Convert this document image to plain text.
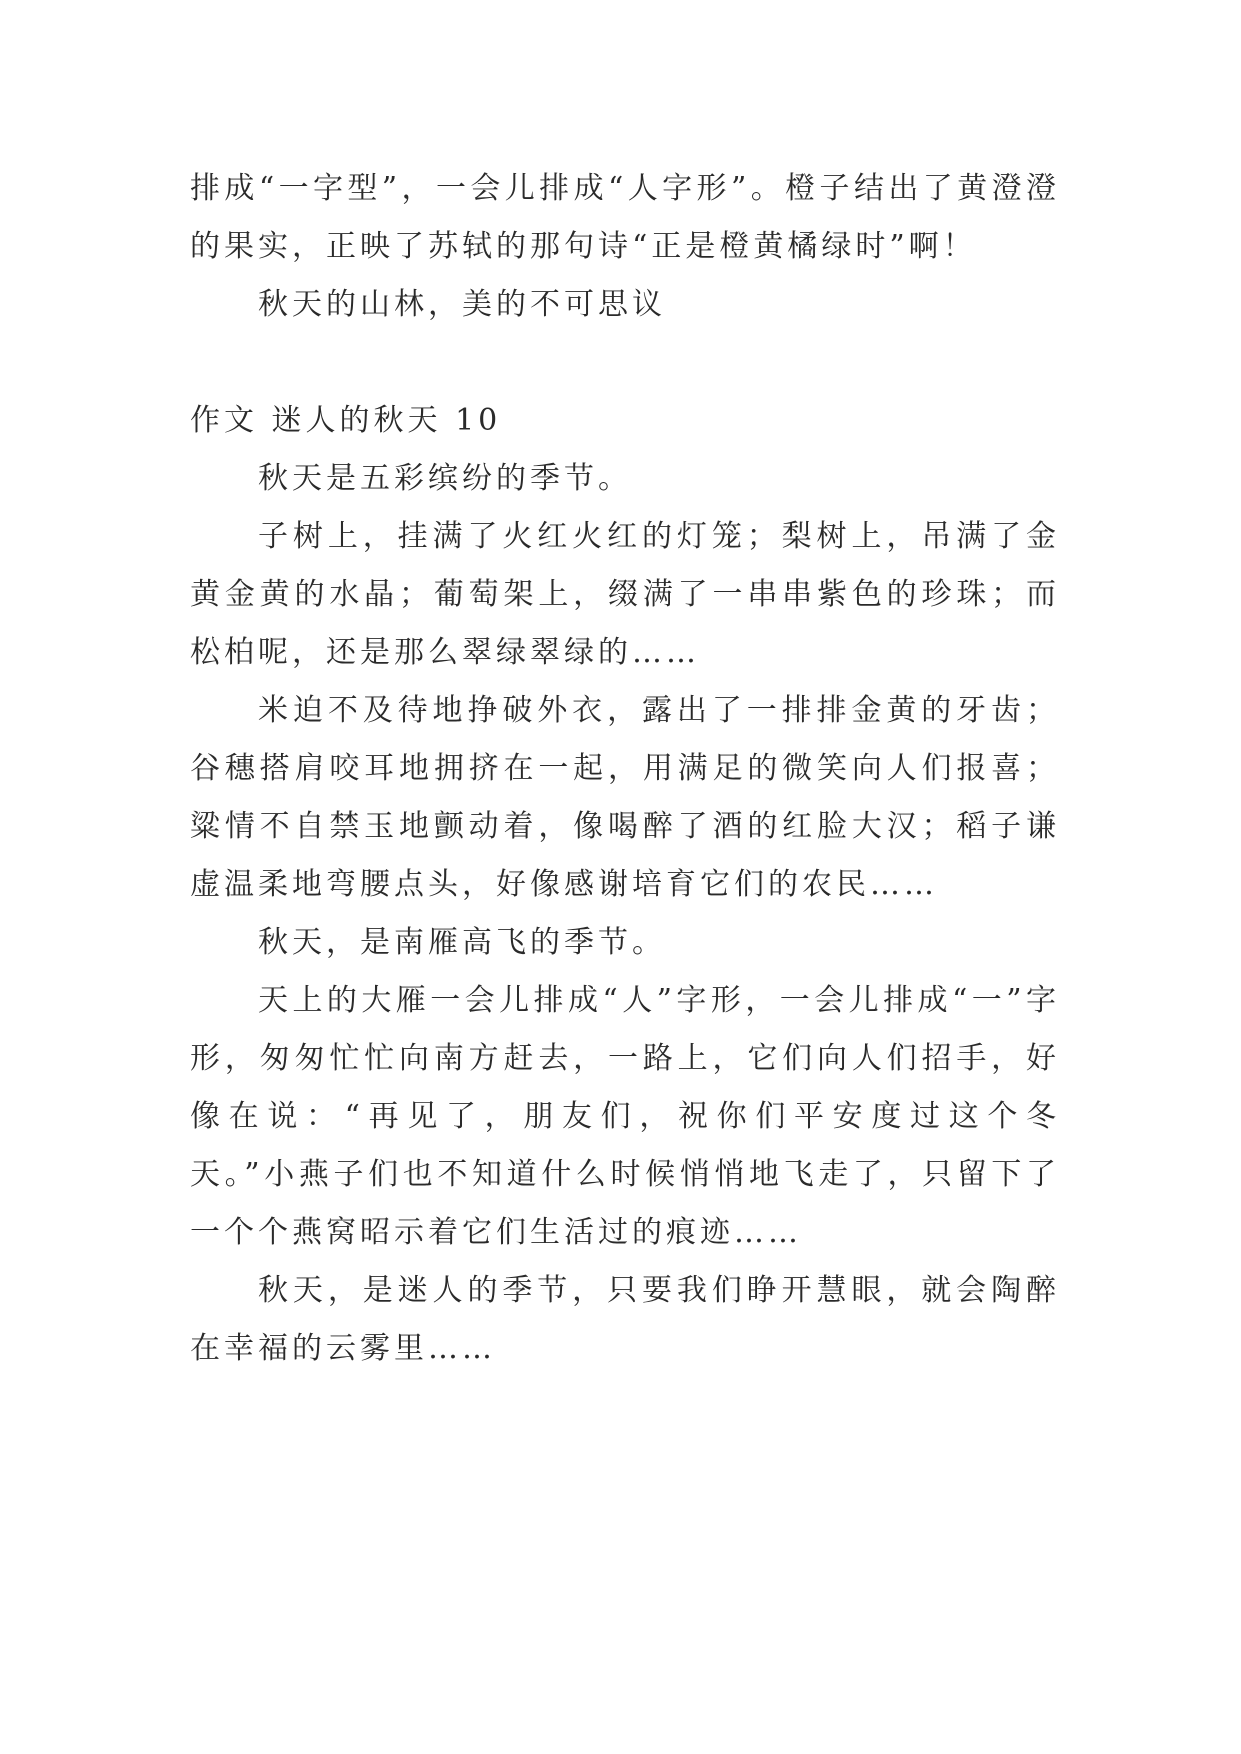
排成“一字型”，一会儿排成“人字形”。橙子结出了黄澄澄的果实，正映了苏轼的那句诗“正是橙黄橘绿时”啊！

秋天的山林，美的不可思议

作文 迷人的秋天 10

秋天是五彩缤纷的季节。

子树上，挂满了火红火红的灯笼；梨树上，吊满了金黄金黄的水晶；葡萄架上，缀满了一串串紫色的珍珠；而松柏呢，还是那么翠绿翠绿的……

米迫不及待地挣破外衣，露出了一排排金黄的牙齿；谷穗搭肩咬耳地拥挤在一起，用满足的微笑向人们报喜；粱情不自禁玉地颤动着，像喝醉了酒的红脸大汉；稻子谦虚温柔地弯腰点头，好像感谢培育它们的农民……

秋天，是南雁高飞的季节。

天上的大雁一会儿排成“人”字形，一会儿排成“一”字形，匆匆忙忙向南方赶去，一路上，它们向人们招手，好像在说：“再见了，朋友们，祝你们平安度过这个冬天。”小燕子们也不知道什么时候悄悄地飞走了，只留下了一个个燕窝昭示着它们生活过的痕迹……

秋天，是迷人的季节，只要我们睁开慧眼，就会陶醉在幸福的云雾里……
